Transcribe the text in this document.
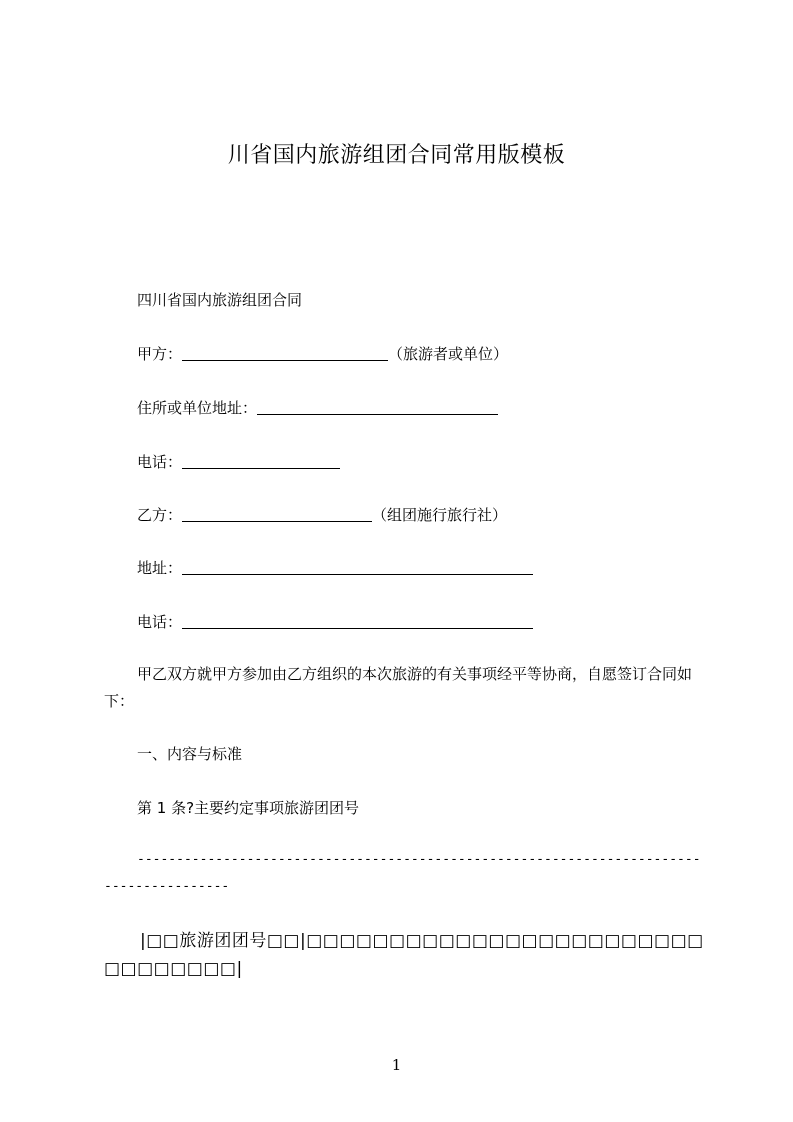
川省国内旅游组团合同常用版模板
四川省国内旅游组团合同
甲方：	（旅游者或单位）
住所或单位地址：
电话：
乙方：	（组团施行旅行社）
地址：
电话：
甲乙双方就甲方参加由乙方组织的本次旅游的有关事项经平等协商，自愿签订合同如下：
一、内容与标准
第 1 条?主要约定事项旅游团团号
----------------------------------------------------------------------------------------
|□□旅游团团号□□|□□□□□□□□□□□□□□□□□□□□□□□□□□□□□□□□|
1
